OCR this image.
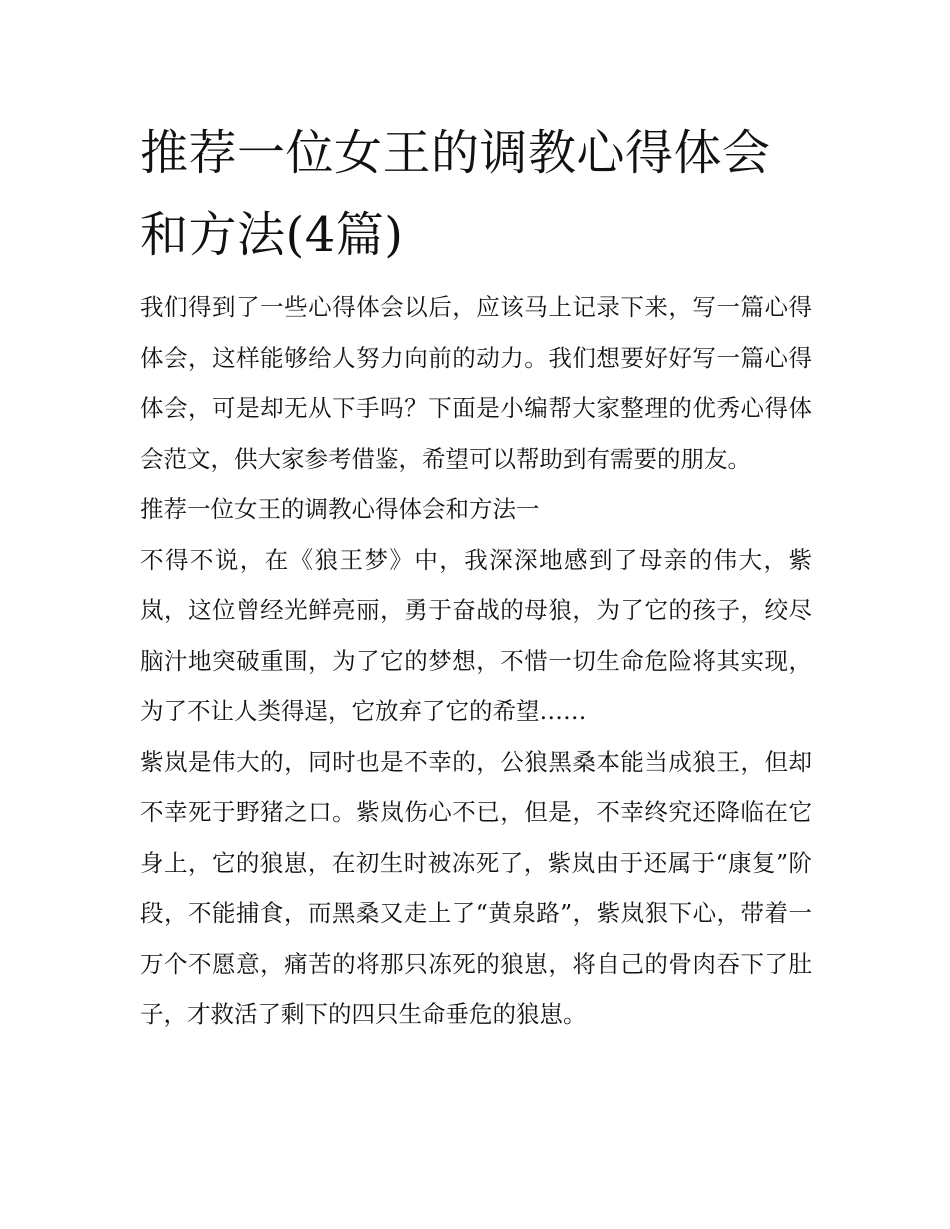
推荐一位女王的调教心得体会和方法(4篇)

我们得到了一些心得体会以后，应该马上记录下来，写一篇心得体会，这样能够给人努力向前的动力。我们想要好好写一篇心得体会，可是却无从下手吗？下面是小编帮大家整理的优秀心得体会范文，供大家参考借鉴，希望可以帮助到有需要的朋友。

推荐一位女王的调教心得体会和方法一

不得不说，在《狼王梦》中，我深深地感到了母亲的伟大，紫岚，这位曾经光鲜亮丽，勇于奋战的母狼，为了它的孩子，绞尽脑汁地突破重围，为了它的梦想，不惜一切生命危险将其实现，为了不让人类得逞，它放弃了它的希望……

紫岚是伟大的，同时也是不幸的，公狼黑桑本能当成狼王，但却不幸死于野猪之口。紫岚伤心不已，但是，不幸终究还降临在它身上，它的狼崽，在初生时被冻死了，紫岚由于还属于“康复”阶段，不能捕食，而黑桑又走上了“黄泉路”，紫岚狠下心，带着一万个不愿意，痛苦的将那只冻死的狼崽，将自己的骨肉吞下了肚子，才救活了剩下的四只生命垂危的狼崽。
